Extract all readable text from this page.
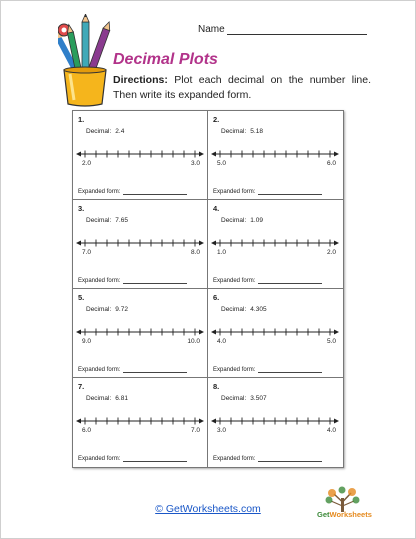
Name
Decimal Plots
Directions: Plot each decimal on the number line. Then write its expanded form.
1.
Decimal: 2.4
2.0	3.0
Expanded form:
2.
Decimal: 5.18
5.0	6.0
Expanded form:
3.
Decimal: 7.65
7.0	8.0
Expanded form:
4.
Decimal: 1.09
1.0	2.0
Expanded form:
5.
Decimal: 9.72
9.0	10.0
Expanded form:
6.
Decimal: 4.305
4.0	5.0
Expanded form:
7.
Decimal: 6.81
6.0	7.0
Expanded form:
8.
Decimal: 3.507
3.0	4.0
Expanded form:
© GetWorksheets.com	GetWorksheets
